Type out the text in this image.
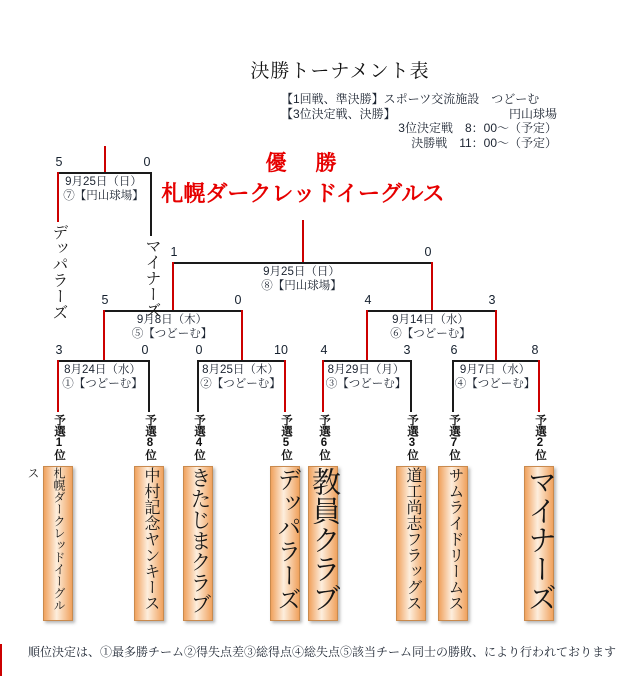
決勝トーナメント表
【1回戦、準決勝】スポーツ交流施設　つどーむ
【3位決定戦、決勝】	円山球場
3位決定戦　8：00～（予定）
決勝戦　11：00～（予定）
優　勝
札幌ダークレッドイーグルス
3	0
8月24日（水）
①【つどーむ】
0	10
8月25日（木）
②【つどーむ】
4	3
8月29日（月）
③【つどーむ】
6	8
9月7日（水）
④【つどーむ】
5	0
9月8日（木）
⑤【つどーむ】
4	3
9月14日（水）
⑥【つどーむ】
1	0
9月25日（日）
⑧【円山球場】
5	0
9月25日（日）
⑦【円山球場】
デッパラーズ	マイナーズ
予選1位
札幌ダークレッドイーグルス
予選8位
中村記念ヤンキース
予選4位
きたじまクラブ
予選5位
デッパラーズ
予選6位
教員クラブ
予選3位
道工尚志フラッグス
予選7位
サムライドリームス
予選2位
マイナーズ
順位決定は、①最多勝チーム②得失点差③総得点④総失点⑤該当チーム同士の勝敗、により行われております
